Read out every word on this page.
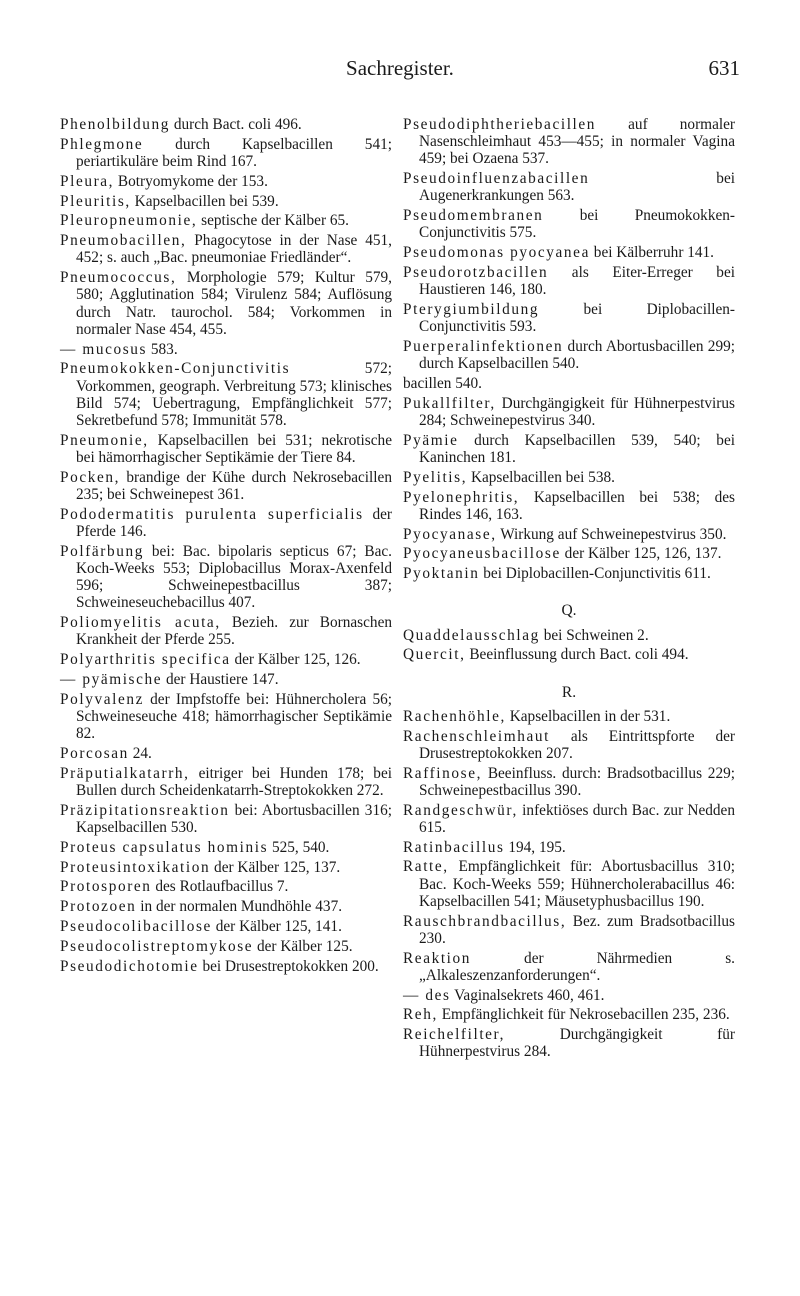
Sachregister.	631
Phenolbildung durch Bact. coli 496.
Phlegmone durch Kapselbacillen 541; periartikuläre beim Rind 167.
Pleura, Botryomykome der 153.
Pleuritis, Kapselbacillen bei 539.
Pleuropneumonie, septische der Kälber 65.
Pneumobacillen, Phagocytose in der Nase 451, 452; s. auch „Bac. pneumoniae Friedländer“.
Pneumococcus, Morphologie 579; Kultur 579, 580; Agglutination 584; Virulenz 584; Auflösung durch Natr. taurochol. 584; Vorkommen in normaler Nase 454, 455.
— mucosus 583.
Pneumokokken-Conjunctivitis 572; Vorkommen, geograph. Verbreitung 573; klinisches Bild 574; Uebertragung, Empfänglichkeit 577; Sekretbefund 578; Immunität 578.
Pneumonie, Kapselbacillen bei 531; nekrotische bei hämorrhagischer Septikämie der Tiere 84.
Pocken, brandige der Kühe durch Nekrosebacillen 235; bei Schweinepest 361.
Pododermatitis purulenta superficialis der Pferde 146.
Polfärbung bei: Bac. bipolaris septicus 67; Bac. Koch-Weeks 553; Diplobacillus Morax-Axenfeld 596; Schweinepestbacillus 387; Schweineseuchebacillus 407.
Poliomyelitis acuta, Bezieh. zur Bornaschen Krankheit der Pferde 255.
Polyarthritis specifica der Kälber 125, 126.
— pyämische der Haustiere 147.
Polyvalenz der Impfstoffe bei: Hühnercholera 56; Schweineseuche 418; hämorrhagischer Septikämie 82.
Porcosan 24.
Präputialkatarrh, eitriger bei Hunden 178; bei Bullen durch Scheidenkatarrh-Streptokokken 272.
Präzipitationsreaktion bei: Abortusbacillen 316; Kapselbacillen 530.
Proteus capsulatus hominis 525, 540.
Proteusintoxikation der Kälber 125, 137.
Protosporen des Rotlaufbacillus 7.
Protozoen in der normalen Mundhöhle 437.
Pseudocolibacillose der Kälber 125, 141.
Pseudocolistreptomykose der Kälber 125.
Pseudodichotomie bei Drusestreptokokken 200.
Pseudodiphtheriebacillen auf normaler Nasenschleimhaut 453—455; in normaler Vagina 459; bei Ozaena 537.
Pseudoinfluenzabacillen bei Augenerkrankungen 563.
Pseudomembranen bei Pneumokokken-Conjunctivitis 575.
Pseudomonas pyocyanea bei Kälberruhr 141.
Pseudorotzbacillen als Eiter-Erreger bei Haustieren 146, 180.
Pterygiumbildung bei Diplobacillen-Conjunctivitis 593.
Puerperalinfektionen durch Abortusbacillen 299; durch Kapselbacillen 540.
bacillen 540.
Pukallfilter, Durchgängigkeit für Hühnerpestvirus 284; Schweinepestvirus 340.
Pyämie durch Kapselbacillen 539, 540; bei Kaninchen 181.
Pyelitis, Kapselbacillen bei 538.
Pyelonephritis, Kapselbacillen bei 538; des Rindes 146, 163.
Pyocyanase, Wirkung auf Schweinepestvirus 350.
Pyocyaneusbacillose der Kälber 125, 126, 137.
Pyoktanin bei Diplobacillen-Conjunctivitis 611.
Q.
Quaddelausschlag bei Schweinen 2.
Quercit, Beeinflussung durch Bact. coli 494.
R.
Rachenhöhle, Kapselbacillen in der 531.
Rachenschleimhaut als Eintrittspforte der Drusestreptokokken 207.
Raffinose, Beeinfluss. durch: Bradsotbacillus 229; Schweinepestbacillus 390.
Randgeschwür, infektiöses durch Bac. zur Nedden 615.
Ratinbacillus 194, 195.
Ratte, Empfänglichkeit für: Abortusbacillus 310; Bac. Koch-Weeks 559; Hühnercholerabacillus 46: Kapselbacillen 541; Mäusetyphusbacillus 190.
Rauschbrandbacillus, Bez. zum Bradsotbacillus 230.
Reaktion der Nährmedien s. „Alkaleszenzanforderungen“.
— des Vaginalsekrets 460, 461.
Reh, Empfänglichkeit für Nekrosebacillen 235, 236.
Reichelfilter, Durchgängigkeit für Hühnerpestvirus 284.
